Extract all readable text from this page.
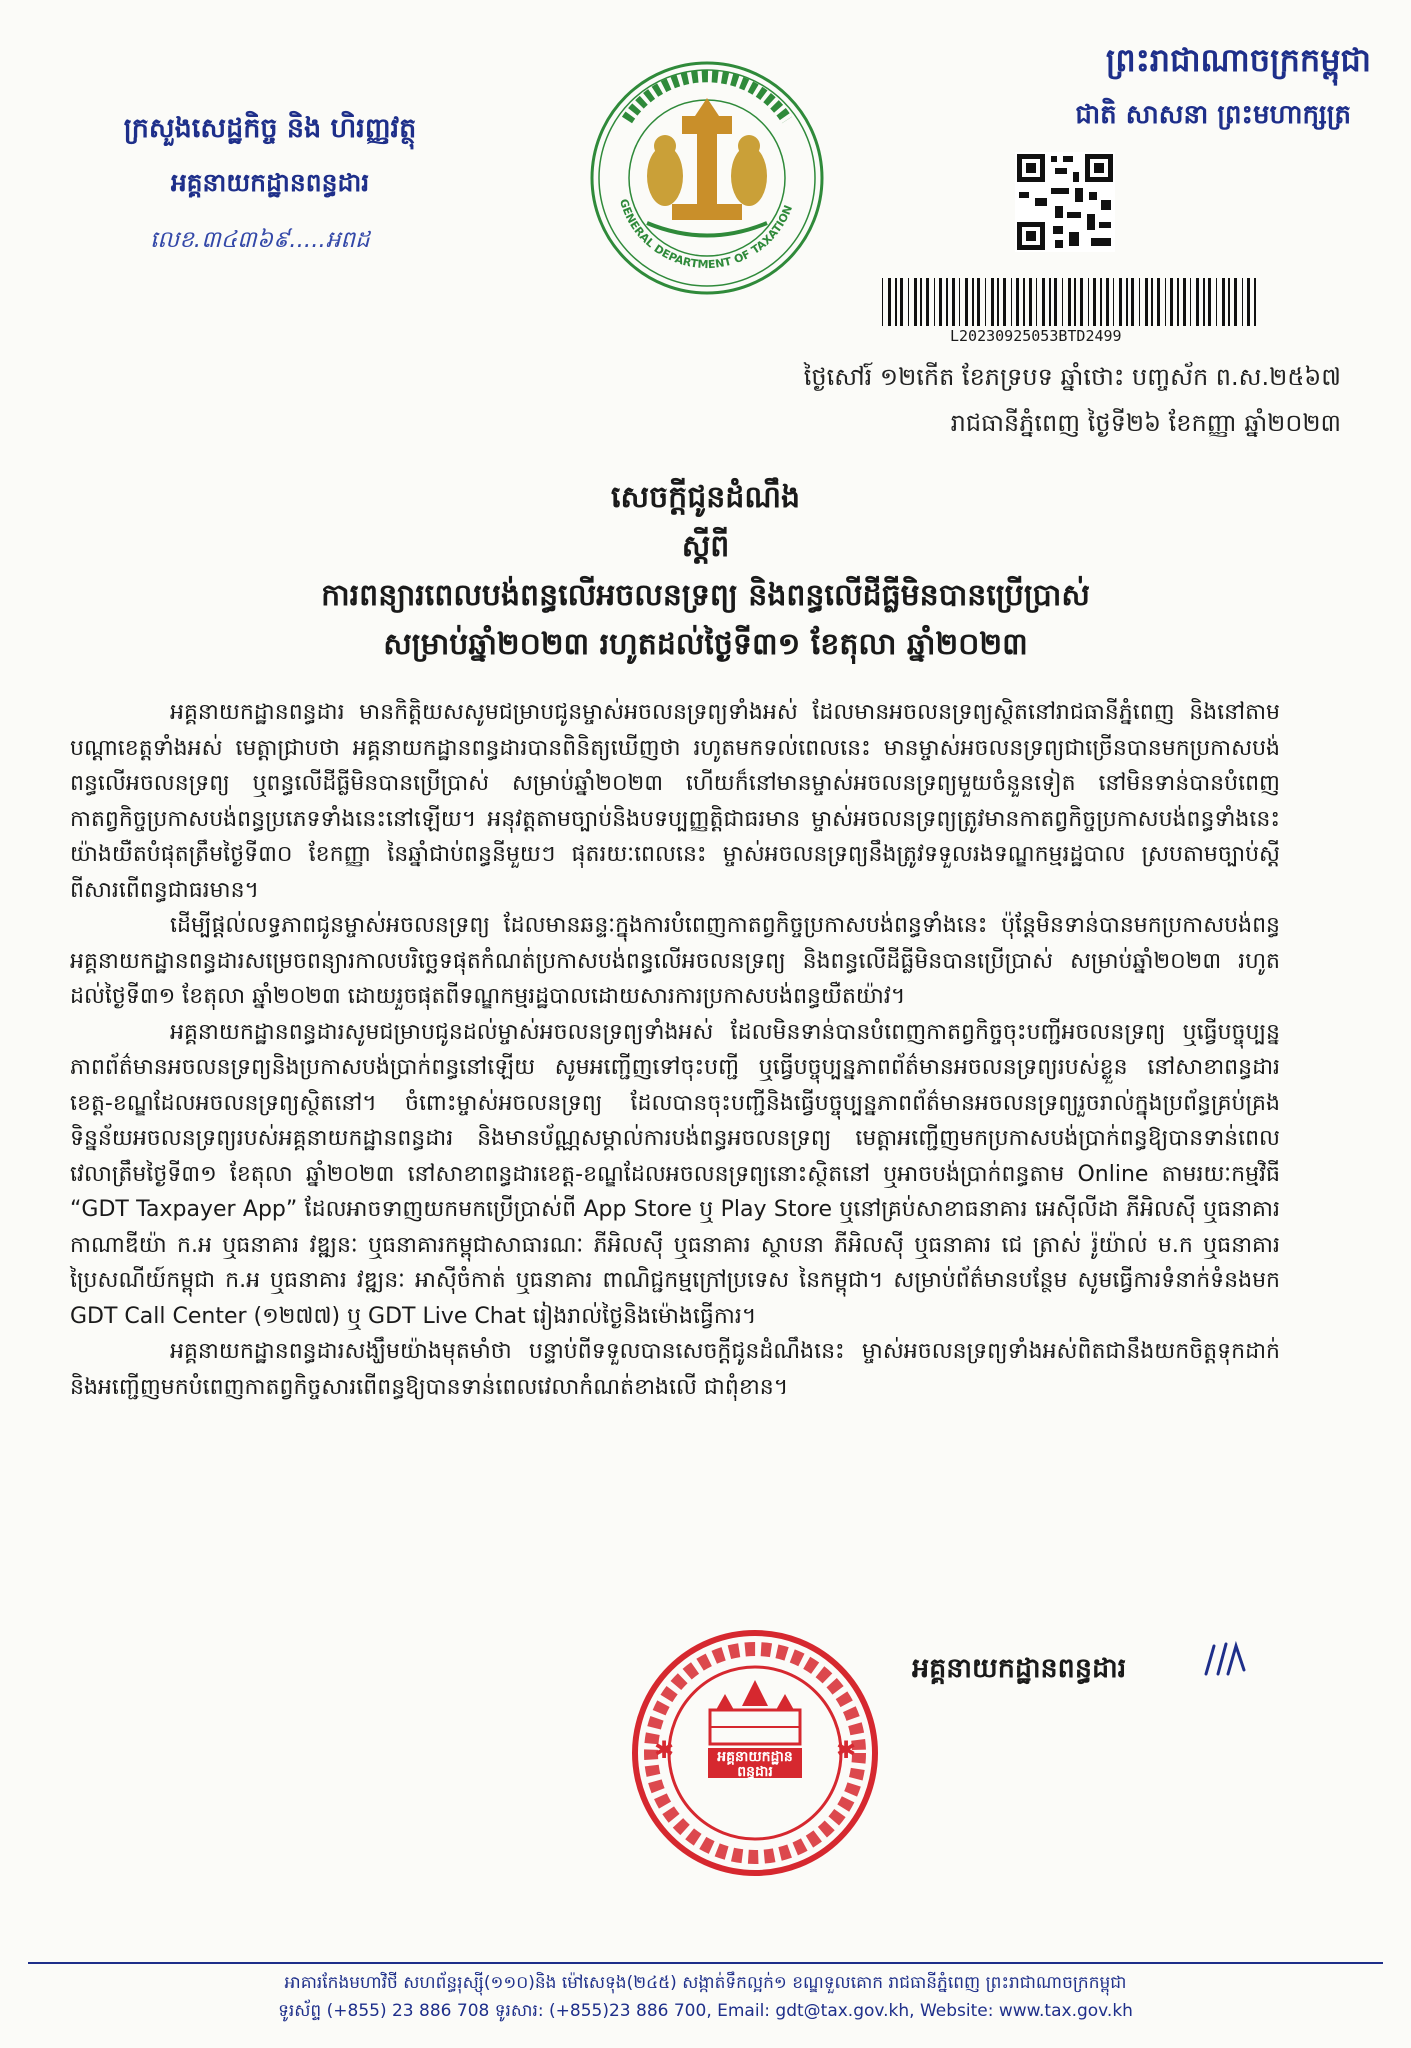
ក្រសួងសេដ្ឋកិច្ច និង ហិរញ្ញវត្ថុ
អគ្គនាយកដ្ឋានពន្ធដារ
លេខ.៣៤៣៦៩.....អពដ
GENERAL DEPARTMENT OF TAXATION
ព្រះរាជាណាចក្រកម្ពុជា
ជាតិ សាសនា ព្រះមហាក្សត្រ
L20230925053BTD2499
ថ្ងៃសៅរ៍ ១២កើត ខែភទ្របទ ឆ្នាំថោះ បញ្ចស័ក ព.ស.២៥៦៧
រាជធានីភ្នំពេញ ថ្ងៃទី២៦ ខែកញ្ញា ឆ្នាំ២០២៣
សេចក្តីជូនដំណឹង
ស្តីពី
ការពន្យារពេលបង់ពន្ធលើអចលនទ្រព្យ និងពន្ធលើដីធ្លីមិនបានប្រើប្រាស់
សម្រាប់ឆ្នាំ២០២៣ រហូតដល់ថ្ងៃទី៣១ ខែតុលា ឆ្នាំ២០២៣

អគ្គនាយកដ្ឋានពន្ធដារ មានកិត្តិយសសូមជម្រាបជូនម្ចាស់អចលនទ្រព្យទាំងអស់ ដែលមានអចលនទ្រព្យស្ថិតនៅរាជធានីភ្នំពេញ និងនៅតាមបណ្តាខេត្តទាំងអស់ មេត្តាជ្រាបថា អគ្គនាយកដ្ឋានពន្ធដារបានពិនិត្យឃើញថា រហូតមកទល់ពេលនេះ មានម្ចាស់អចលនទ្រព្យជាច្រើនបានមកប្រកាសបង់ពន្ធលើអចលនទ្រព្យ ឬពន្ធលើដីធ្លីមិនបានប្រើប្រាស់ សម្រាប់ឆ្នាំ២០២៣ ហើយក៏នៅមានម្ចាស់អចលនទ្រព្យមួយចំនួនទៀត នៅមិនទាន់បានបំពេញកាតព្វកិច្ចប្រកាសបង់ពន្ធប្រភេទទាំងនេះនៅឡើយ។ អនុវត្តតាមច្បាប់និងបទប្បញ្ញត្តិជាធរមាន ម្ចាស់អចលនទ្រព្យត្រូវមានកាតព្វកិច្ចប្រកាសបង់ពន្ធទាំងនេះយ៉ាងយឺតបំផុតត្រឹមថ្ងៃទី៣០ ខែកញ្ញា នៃឆ្នាំជាប់ពន្ធនីមួយៗ ផុតរយៈពេលនេះ ម្ចាស់អចលនទ្រព្យនឹងត្រូវទទួលរងទណ្ឌកម្មរដ្ឋបាល ស្របតាមច្បាប់ស្តីពីសារពើពន្ធជាធរមាន។

ដើម្បីផ្តល់លទ្ធភាពជូនម្ចាស់អចលនទ្រព្យ ដែលមានឆន្ទៈក្នុងការបំពេញកាតព្វកិច្ចប្រកាសបង់ពន្ធទាំងនេះ ប៉ុន្តែមិនទាន់បានមកប្រកាសបង់ពន្ធ អគ្គនាយកដ្ឋានពន្ធដារសម្រេចពន្យារកាលបរិច្ឆេទផុតកំណត់ប្រកាសបង់ពន្ធលើអចលនទ្រព្យ និងពន្ធលើដីធ្លីមិនបានប្រើប្រាស់ សម្រាប់ឆ្នាំ២០២៣ រហូតដល់ថ្ងៃទី៣១ ខែតុលា ឆ្នាំ២០២៣ ដោយរួចផុតពីទណ្ឌកម្មរដ្ឋបាលដោយសារការប្រកាសបង់ពន្ធយឺតយ៉ាវ។

អគ្គនាយកដ្ឋានពន្ធដារសូមជម្រាបជូនដល់ម្ចាស់អចលនទ្រព្យទាំងអស់ ដែលមិនទាន់បានបំពេញកាតព្វកិច្ចចុះបញ្ជីអចលនទ្រព្យ ឬធ្វើបច្ចុប្បន្នភាពព័ត៌មានអចលនទ្រព្យនិងប្រកាសបង់ប្រាក់ពន្ធនៅឡើយ សូមអញ្ជើញទៅចុះបញ្ជី ឬធ្វើបច្ចុប្បន្នភាពព័ត៌មានអចលនទ្រព្យរបស់ខ្លួន នៅសាខាពន្ធដារខេត្ត-ខណ្ឌដែលអចលនទ្រព្យស្ថិតនៅ។ ចំពោះម្ចាស់អចលនទ្រព្យ ដែលបានចុះបញ្ជីនិងធ្វើបច្ចុប្បន្នភាពព័ត៌មានអចលនទ្រព្យរួចរាល់ក្នុងប្រព័ន្ធគ្រប់គ្រងទិន្នន័យអចលនទ្រព្យរបស់អគ្គនាយកដ្ឋានពន្ធដារ និងមានប័ណ្ណសម្គាល់ការបង់ពន្ធអចលនទ្រព្យ មេត្តាអញ្ជើញមកប្រកាសបង់ប្រាក់ពន្ធឱ្យបានទាន់ពេលវេលាត្រឹមថ្ងៃទី៣១ ខែតុលា ឆ្នាំ២០២៣ នៅសាខាពន្ធដារខេត្ត-ខណ្ឌដែលអចលនទ្រព្យនោះស្ថិតនៅ ឬអាចបង់ប្រាក់ពន្ធតាម Online តាមរយៈកម្មវិធី “GDT Taxpayer App” ដែលអាចទាញយកមកប្រើប្រាស់ពី App Store ឬ Play Store ឬនៅគ្រប់សាខាធនាគារ អេស៊ីលីដា ភីអិលស៊ី ឬធនាគារ កាណាឌីយ៉ា ក.អ ឬធនាគារ វឌ្ឍនៈ ឬធនាគារកម្ពុជាសាធារណៈ ភីអិលស៊ី ឬធនាគារ ស្ថាបនា ភីអិលស៊ី ឬធនាគារ ជេ ត្រាស់ រ៉ូយ៉ាល់ ម.ក ឬធនាគារ ប្រៃសណីយ៍កម្ពុជា ក.អ ឬធនាគារ វឌ្ឍនៈ អាស៊ីចំកាត់ ឬធនាគារ ពាណិជ្ជកម្មក្រៅប្រទេស នៃកម្ពុជា។ សម្រាប់ព័ត៌មានបន្ថែម សូមធ្វើការទំនាក់ទំនងមក GDT Call Center (១២៧៧) ឬ GDT Live Chat រៀងរាល់ថ្ងៃនិងម៉ោងធ្វើការ។

អគ្គនាយកដ្ឋានពន្ធដារសង្ឃឹមយ៉ាងមុតមាំថា បន្ទាប់ពីទទួលបានសេចក្តីជូនដំណឹងនេះ ម្ចាស់អចលនទ្រព្យទាំងអស់ពិតជានឹងយកចិត្តទុកដាក់ និងអញ្ជើញមកបំពេញកាតព្វកិច្ចសារពើពន្ធឱ្យបានទាន់ពេលវេលាកំណត់ខាងលើ ជាពុំខាន។

អគ្គនាយកដ្ឋានពន្ធដារ
✱	✱
អគ្គនាយកដ្ឋាន ពន្ធដារ
អាគារកែងមហាវិថី សហព័ន្ធរុស្ស៊ី(១១០)និង ម៉ៅសេទុង(២៤៥) សង្កាត់ទឹកល្អក់១ ខណ្ឌទួលគោក រាជធានីភ្នំពេញ ព្រះរាជាណាចក្រកម្ពុជា
ទូរស័ព្ទ (+855) 23 886 708 ទូរសារ: (+855)23 886 700, Email: gdt@tax.gov.kh, Website: www.tax.gov.kh
